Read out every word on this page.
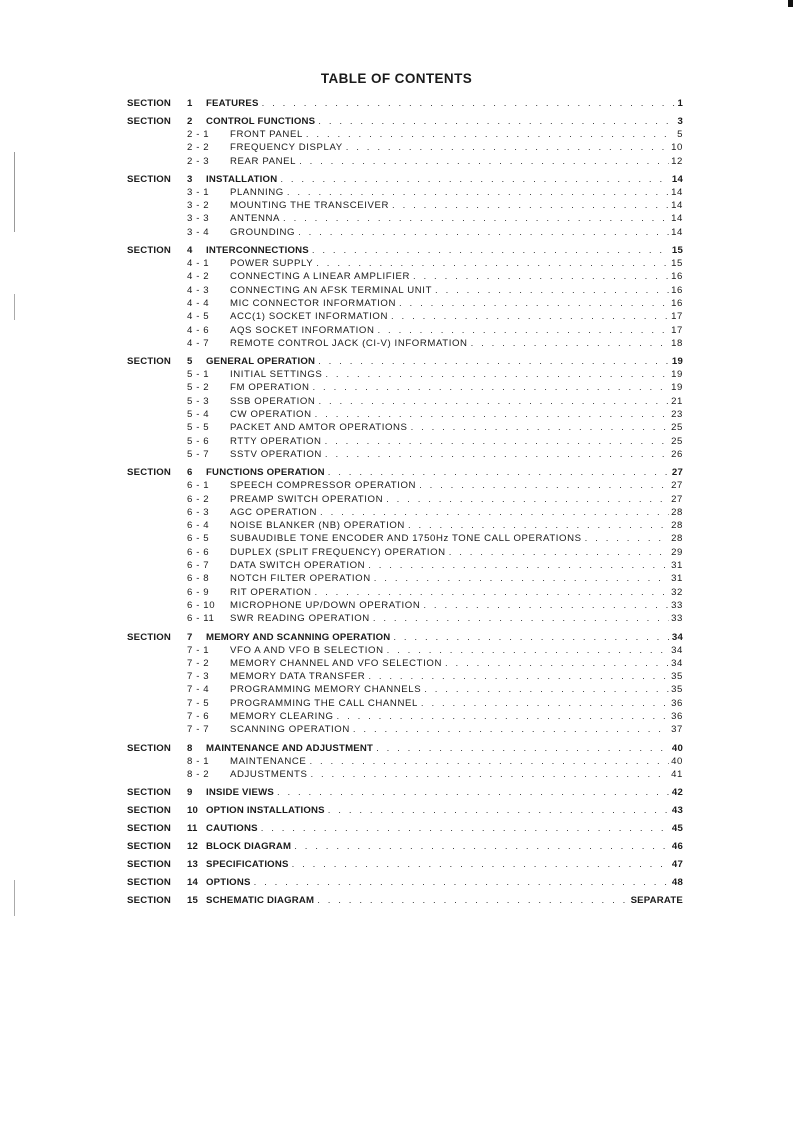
TABLE OF CONTENTS
SECTION	1	FEATURES . . .	1
SECTION	2	CONTROL FUNCTIONS . . .	3
2 - 1	FRONT PANEL . . .	5
2 - 2	FREQUENCY DISPLAY . . .	10
2 - 3	REAR PANEL . . .	12
SECTION	3	INSTALLATION . . .	14
3 - 1	PLANNING . . .	14
3 - 2	MOUNTING THE TRANSCEIVER . . .	14
3 - 3	ANTENNA . . .	14
3 - 4	GROUNDING . . .	14
SECTION	4	INTERCONNECTIONS . . .	15
4 - 1	POWER SUPPLY . . .	15
4 - 2	CONNECTING A LINEAR AMPLIFIER . . .	16
4 - 3	CONNECTING AN AFSK TERMINAL UNIT . . .	16
4 - 4	MIC CONNECTOR INFORMATION . . .	16
4 - 5	ACC(1) SOCKET INFORMATION . . .	17
4 - 6	AQS SOCKET INFORMATION . . .	17
4 - 7	REMOTE CONTROL JACK (CI-V) INFORMATION . . .	18
SECTION	5	GENERAL OPERATION . . .	19
5 - 1	INITIAL SETTINGS . . .	19
5 - 2	FM OPERATION . . .	19
5 - 3	SSB OPERATION . . .	21
5 - 4	CW OPERATION . . .	23
5 - 5	PACKET AND AMTOR OPERATIONS . . .	25
5 - 6	RTTY OPERATION . . .	25
5 - 7	SSTV OPERATION . . .	26
SECTION	6	FUNCTIONS OPERATION . . .	27
6 - 1	SPEECH COMPRESSOR OPERATION . . .	27
6 - 2	PREAMP SWITCH OPERATION . . .	27
6 - 3	AGC OPERATION . . .	28
6 - 4	NOISE BLANKER (NB) OPERATION . . .	28
6 - 5	SUBAUDIBLE TONE ENCODER AND 1750Hz TONE CALL OPERATIONS . . .	28
6 - 6	DUPLEX (SPLIT FREQUENCY) OPERATION . . .	29
6 - 7	DATA SWITCH OPERATION . . .	31
6 - 8	NOTCH FILTER OPERATION . . .	31
6 - 9	RIT OPERATION . . .	32
6 - 10	MICROPHONE UP/DOWN OPERATION . . .	33
6 - 11	SWR READING OPERATION . . .	33
SECTION	7	MEMORY AND SCANNING OPERATION . . .	34
7 - 1	VFO A AND VFO B SELECTION . . .	34
7 - 2	MEMORY CHANNEL AND VFO SELECTION . . .	34
7 - 3	MEMORY DATA TRANSFER . . .	35
7 - 4	PROGRAMMING MEMORY CHANNELS . . .	35
7 - 5	PROGRAMMING THE CALL CHANNEL . . .	36
7 - 6	MEMORY CLEARING . . .	36
7 - 7	SCANNING OPERATION . . .	37
SECTION	8	MAINTENANCE AND ADJUSTMENT . . .	40
8 - 1	MAINTENANCE . . .	40
8 - 2	ADJUSTMENTS . . .	41
SECTION	9	INSIDE VIEWS . . .	42
SECTION	10 OPTION INSTALLATIONS . . .	43
SECTION	11 CAUTIONS . . .	45
SECTION	12 BLOCK DIAGRAM . . .	46
SECTION	13 SPECIFICATIONS . . .	47
SECTION	14 OPTIONS . . .	48
SECTION	15 SCHEMATIC DIAGRAM . . .	SEPARATE
